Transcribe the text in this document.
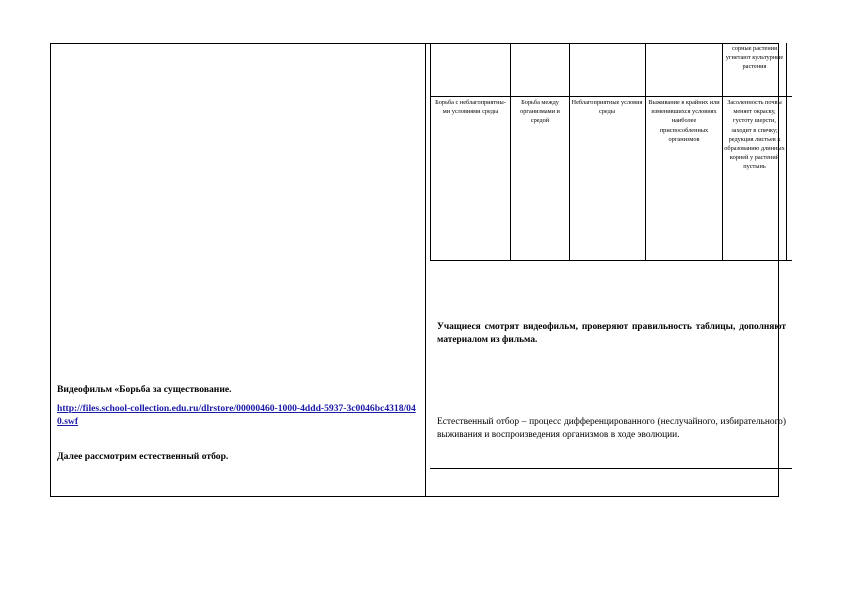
сорные растения угнетают культурные растения
Борьба с неблагоприятны-ми условиями среды
Борьба между организмами и средой
Неблагоприятные условия среды
Выживание в крайних или изменившихся условиях наиболее приспособленных организмов
Засоленность почвы меняет окраску, густоту шерсти, заходит в спячку; редукция листьев к образованию длинных корней у растений пустынь
Видеофильм «Борьба за существование.
http://files.school-collection.edu.ru/dlrstore/00000460-1000-4ddd-5937-3c0046bc4318/040.swf
Далее рассмотрим естественный отбор.
Учащиеся смотрят видеофильм, проверяют правильность таблицы, дополняют материалом из фильма.
Естественный отбор – процесс дифференцированного (неслучайного, избирательного) выживания и воспроизведения организмов в ходе эволюции.
